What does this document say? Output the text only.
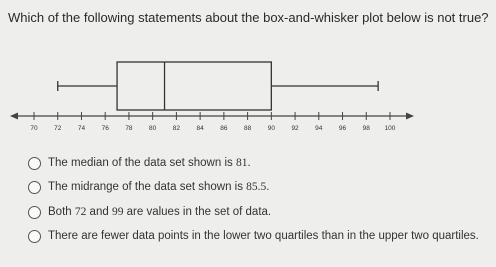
Which of the following statements about the box-and-whisker plot below is not true?

70	72	74	76	78	80	82	84	86	88	90	92	94	96	98 100
The median of the data set shown is 81.
The midrange of the data set shown is 85.5.
Both 72 and 99 are values in the set of data.
There are fewer data points in the lower two quartiles than in the upper two quartiles.
